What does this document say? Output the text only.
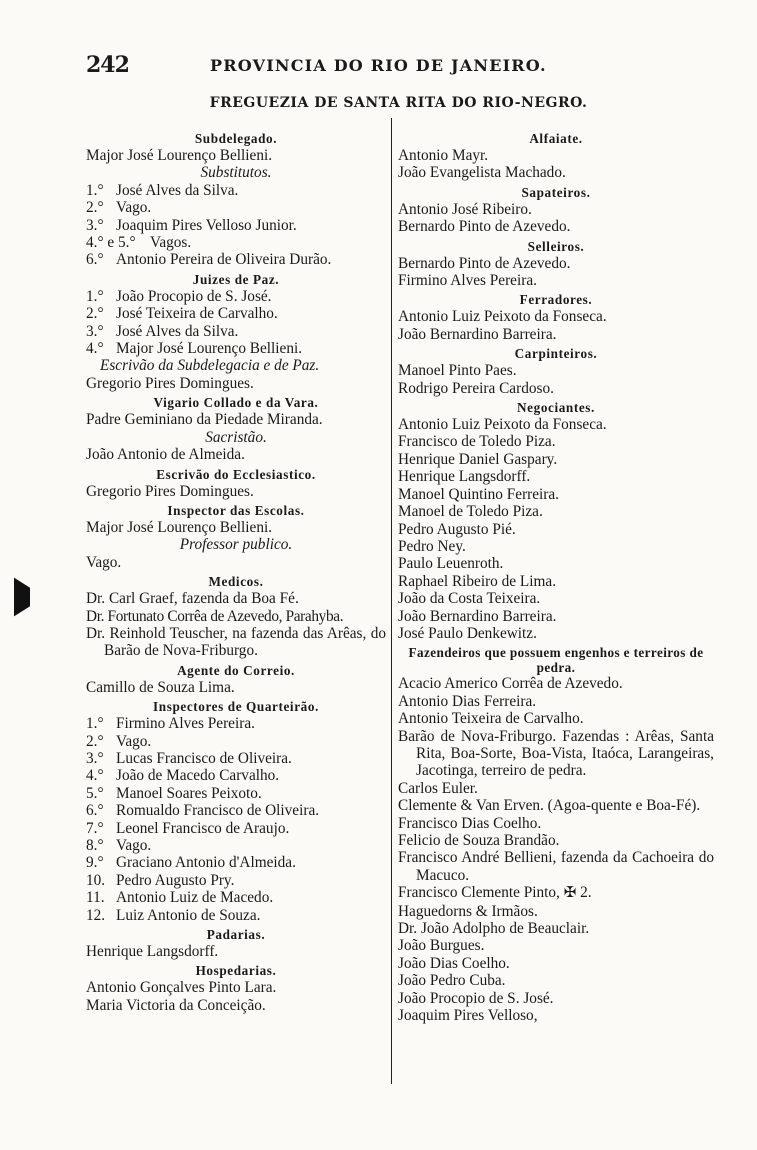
242	PROVINCIA DO RIO DE JANEIRO.
FREGUEZIA DE SANTA RITA DO RIO-NEGRO.
Subdelegado.
Major José Lourenço Bellieni.
Substitutos.
1.° José Alves da Silva.
2.° Vago.
3.° Joaquim Pires Velloso Junior.
4.° e 5.° Vagos.
6.° Antonio Pereira de Oliveira Durão.
Juizes de Paz.
1.° João Procopio de S. José.
2.° José Teixeira de Carvalho.
3.° José Alves da Silva.
4.° Major José Lourenço Bellieni.
Escrivão da Subdelegacia e de Paz.
Gregorio Pires Domingues.
Vigario Collado e da Vara.
Padre Geminiano da Piedade Miranda.
Sacristão.
João Antonio de Almeida.
Escrivão do Ecclesiastico.
Gregorio Pires Domingues.
Inspector das Escolas.
Major José Lourenço Bellieni.
Professor publico.
Vago.
Medicos.
Dr. Carl Graef, fazenda da Boa Fé.
Dr. Fortunato Corrêa de Azevedo, Parahyba.
Dr. Reinhold Teuscher, na fazenda das Arêas, do Barão de Nova-Friburgo.
Agente do Correio.
Camillo de Souza Lima.
Inspectores de Quarteirão.
1.° Firmino Alves Pereira.
2.° Vago.
3.° Lucas Francisco de Oliveira.
4.° João de Macedo Carvalho.
5.° Manoel Soares Peixoto.
6.° Romualdo Francisco de Oliveira.
7.° Leonel Francisco de Araujo.
8.° Vago.
9.° Graciano Antonio d'Almeida.
10. Pedro Augusto Pry.
11. Antonio Luiz de Macedo.
12. Luiz Antonio de Souza.
Padarias.
Henrique Langsdorff.
Hospedarias.
Antonio Gonçalves Pinto Lara.
Maria Victoria da Conceição.
Alfaiate.
Antonio Mayr.
João Evangelista Machado.
Sapateiros.
Antonio José Ribeiro.
Bernardo Pinto de Azevedo.
Selleiros.
Bernardo Pinto de Azevedo.
Firmino Alves Pereira.
Ferradores.
Antonio Luiz Peixoto da Fonseca.
João Bernardino Barreira.
Carpinteiros.
Manoel Pinto Paes.
Rodrigo Pereira Cardoso.
Negociantes.
Antonio Luiz Peixoto da Fonseca.
Francisco de Toledo Piza.
Henrique Daniel Gaspary.
Henrique Langsdorff.
Manoel Quintino Ferreira.
Manoel de Toledo Piza.
Pedro Augusto Pié.
Pedro Ney.
Paulo Leuenroth.
Raphael Ribeiro de Lima.
João da Costa Teixeira.
João Bernardino Barreira.
José Paulo Denkewitz.
Fazendeiros que possuem engenhos e terreiros de pedra.
Acacio Americo Corrêa de Azevedo.
Antonio Dias Ferreira.
Antonio Teixeira de Carvalho.
Barão de Nova-Friburgo. Fazendas : Arêas, Santa Rita, Boa-Sorte, Boa-Vista, Itaóca, Larangeiras, Jacotinga, terreiro de pedra.
Carlos Euler.
Clemente & Van Erven. (Agoa-quente e Boa-Fé).
Francisco Dias Coelho.
Felicio de Souza Brandão.
Francisco André Bellieni, fazenda da Cachoeira do Macuco.
Francisco Clemente Pinto, ✠ 2.
Haguedorns & Irmãos.
Dr. João Adolpho de Beauclair.
João Burgues.
João Dias Coelho.
João Pedro Cuba.
João Procopio de S. José.
Joaquim Pires Velloso,
